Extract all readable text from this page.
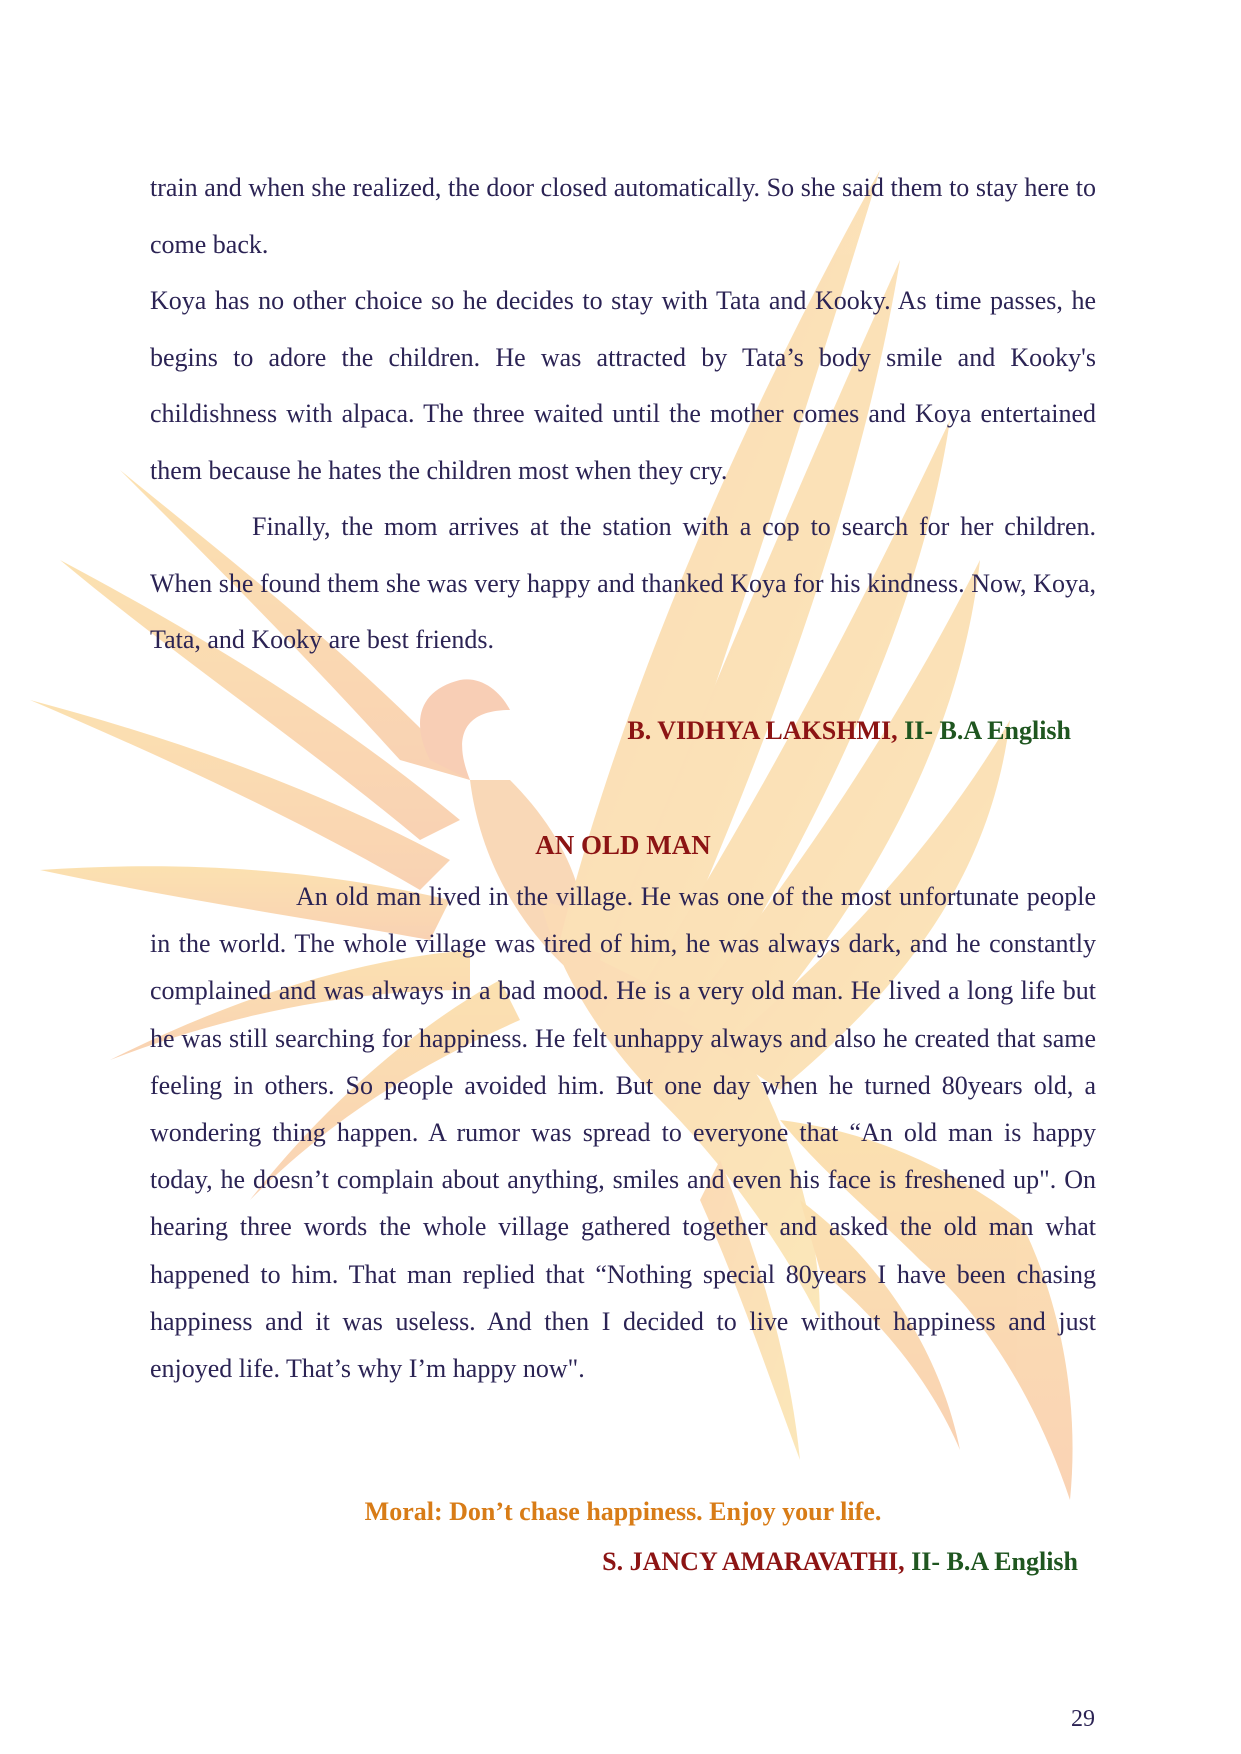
train and when she realized, the door closed automatically. So she said them to stay here to come back.

Koya has no other choice so he decides to stay with Tata and Kooky. As time passes, he begins to adore the children. He was attracted by Tata’s body smile and Kooky's childishness with alpaca. The three waited until the mother comes and Koya entertained them because he hates the children most when they cry.

Finally, the mom arrives at the station with a cop to search for her children. When she found them she was very happy and thanked Koya for his kindness. Now, Koya, Tata, and Kooky are best friends.

B. VIDHYA LAKSHMI, II- B.A English

AN OLD MAN

An old man lived in the village. He was one of the most unfortunate people in the world. The whole village was tired of him, he was always dark, and he constantly complained and was always in a bad mood. He is a very old man. He lived a long life but he was still searching for happiness. He felt unhappy always and also he created that same feeling in others. So people avoided him. But one day when he turned 80years old, a wondering thing happen. A rumor was spread to everyone that “An old man is happy today, he doesn’t complain about anything, smiles and even his face is freshened up". On hearing three words the whole village gathered together and asked the old man what happened to him. That man replied that “Nothing special 80years I have been chasing happiness and it was useless. And then I decided to live without happiness and just enjoyed life. That’s why I’m happy now".

Moral: Don’t chase happiness. Enjoy your life.

S. JANCY AMARAVATHI, II- B.A English

29
